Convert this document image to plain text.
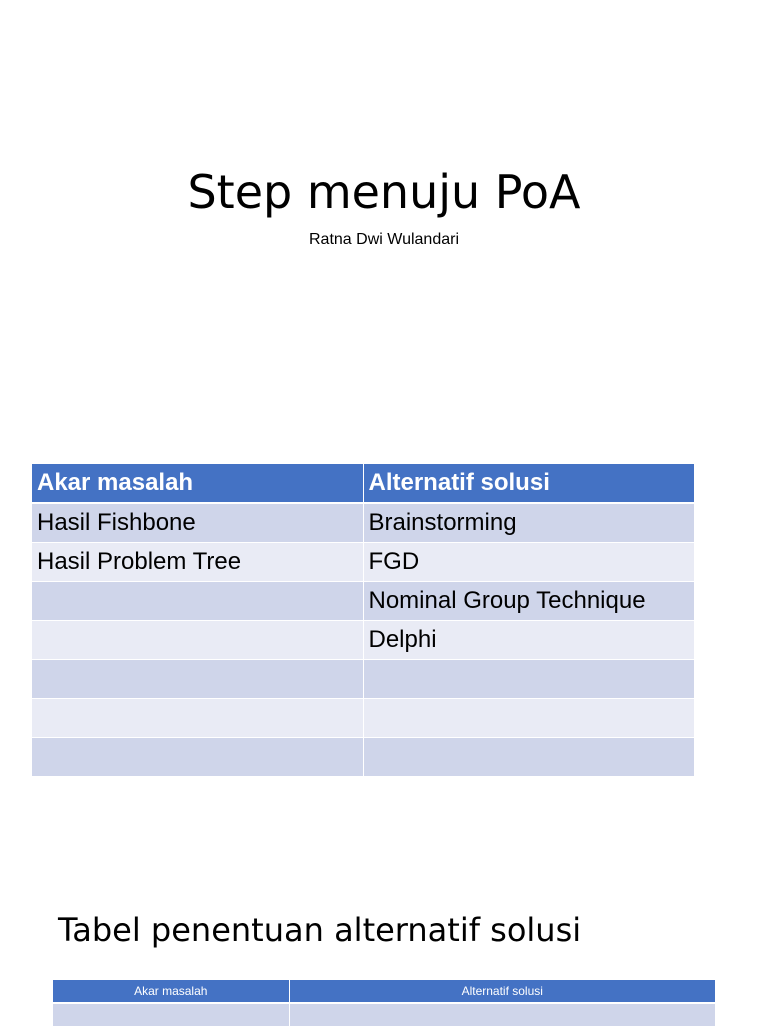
Step menuju PoA
Ratna Dwi Wulandari
Akar masalah	Alternatif solusi
Hasil Fishbone	Brainstorming
Hasil Problem Tree	FGD
	Nominal Group Technique
	Delphi

Tabel penentuan alternatif solusi
Akar masalah	Alternatif solusi
